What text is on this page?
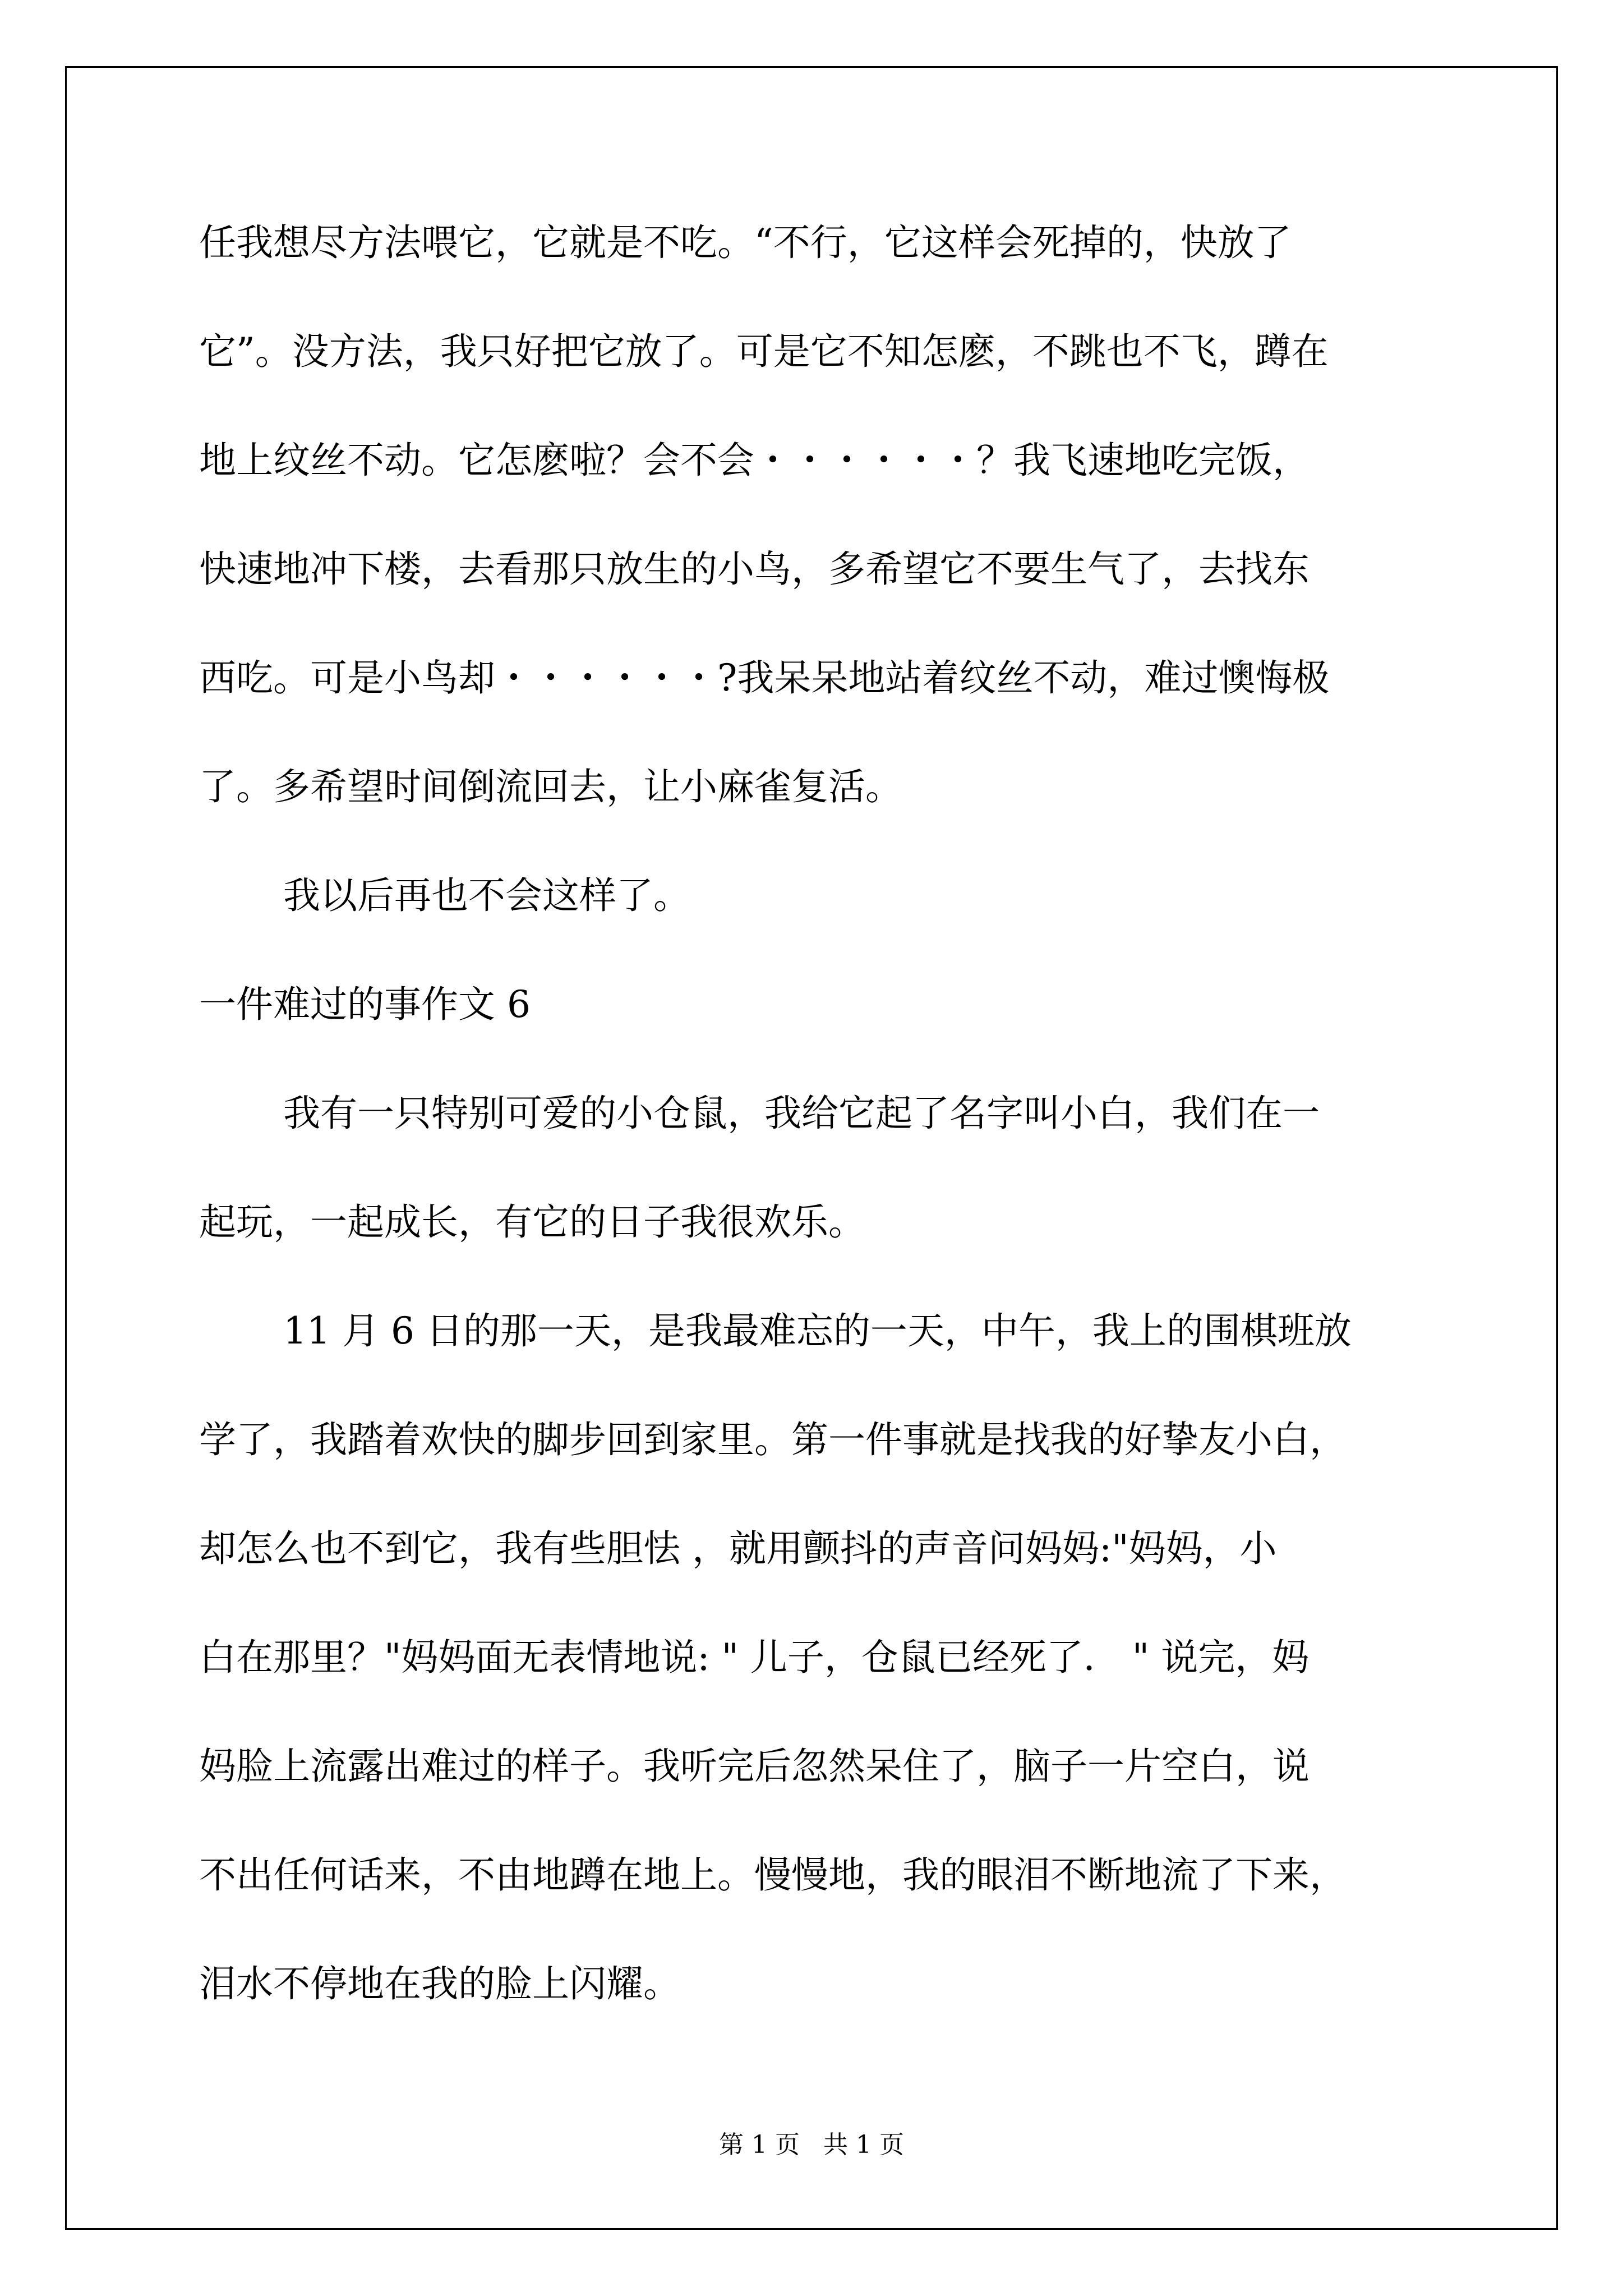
任我想尽方法喂它，它就是不吃。“不行，它这样会死掉的，快放了
它”。没方法，我只好把它放了。可是它不知怎麽，不跳也不飞，蹲在
地上纹丝不动。它怎麽啦？会不会・・・・・・？我飞速地吃完饭，
快速地冲下楼，去看那只放生的小鸟，多希望它不要生气了，去找东
西吃。可是小鸟却・・・・・・?我呆呆地站着纹丝不动，难过懊悔极
了。多希望时间倒流回去，让小麻雀复活。
我以后再也不会这样了。
一件难过的事作文 6
我有一只特别可爱的小仓鼠，我给它起了名字叫小白，我们在一
起玩，一起成长，有它的日子我很欢乐。
11 月 6 日的那一天，是我最难忘的一天，中午，我上的围棋班放
学了，我踏着欢快的脚步回到家里。第一件事就是找我的好挚友小白，
却怎么也不到它，我有些胆怯 ，就用颤抖的声音问妈妈:"妈妈，小
白在那里？"妈妈面无表情地说: " 儿子，仓鼠已经死了． " 说完，妈
妈脸上流露出难过的样子。我听完后忽然呆住了，脑子一片空白，说
不出任何话来，不由地蹲在地上。慢慢地，我的眼泪不断地流了下来，
泪水不停地在我的脸上闪耀。
第 1 页   共 1 页
